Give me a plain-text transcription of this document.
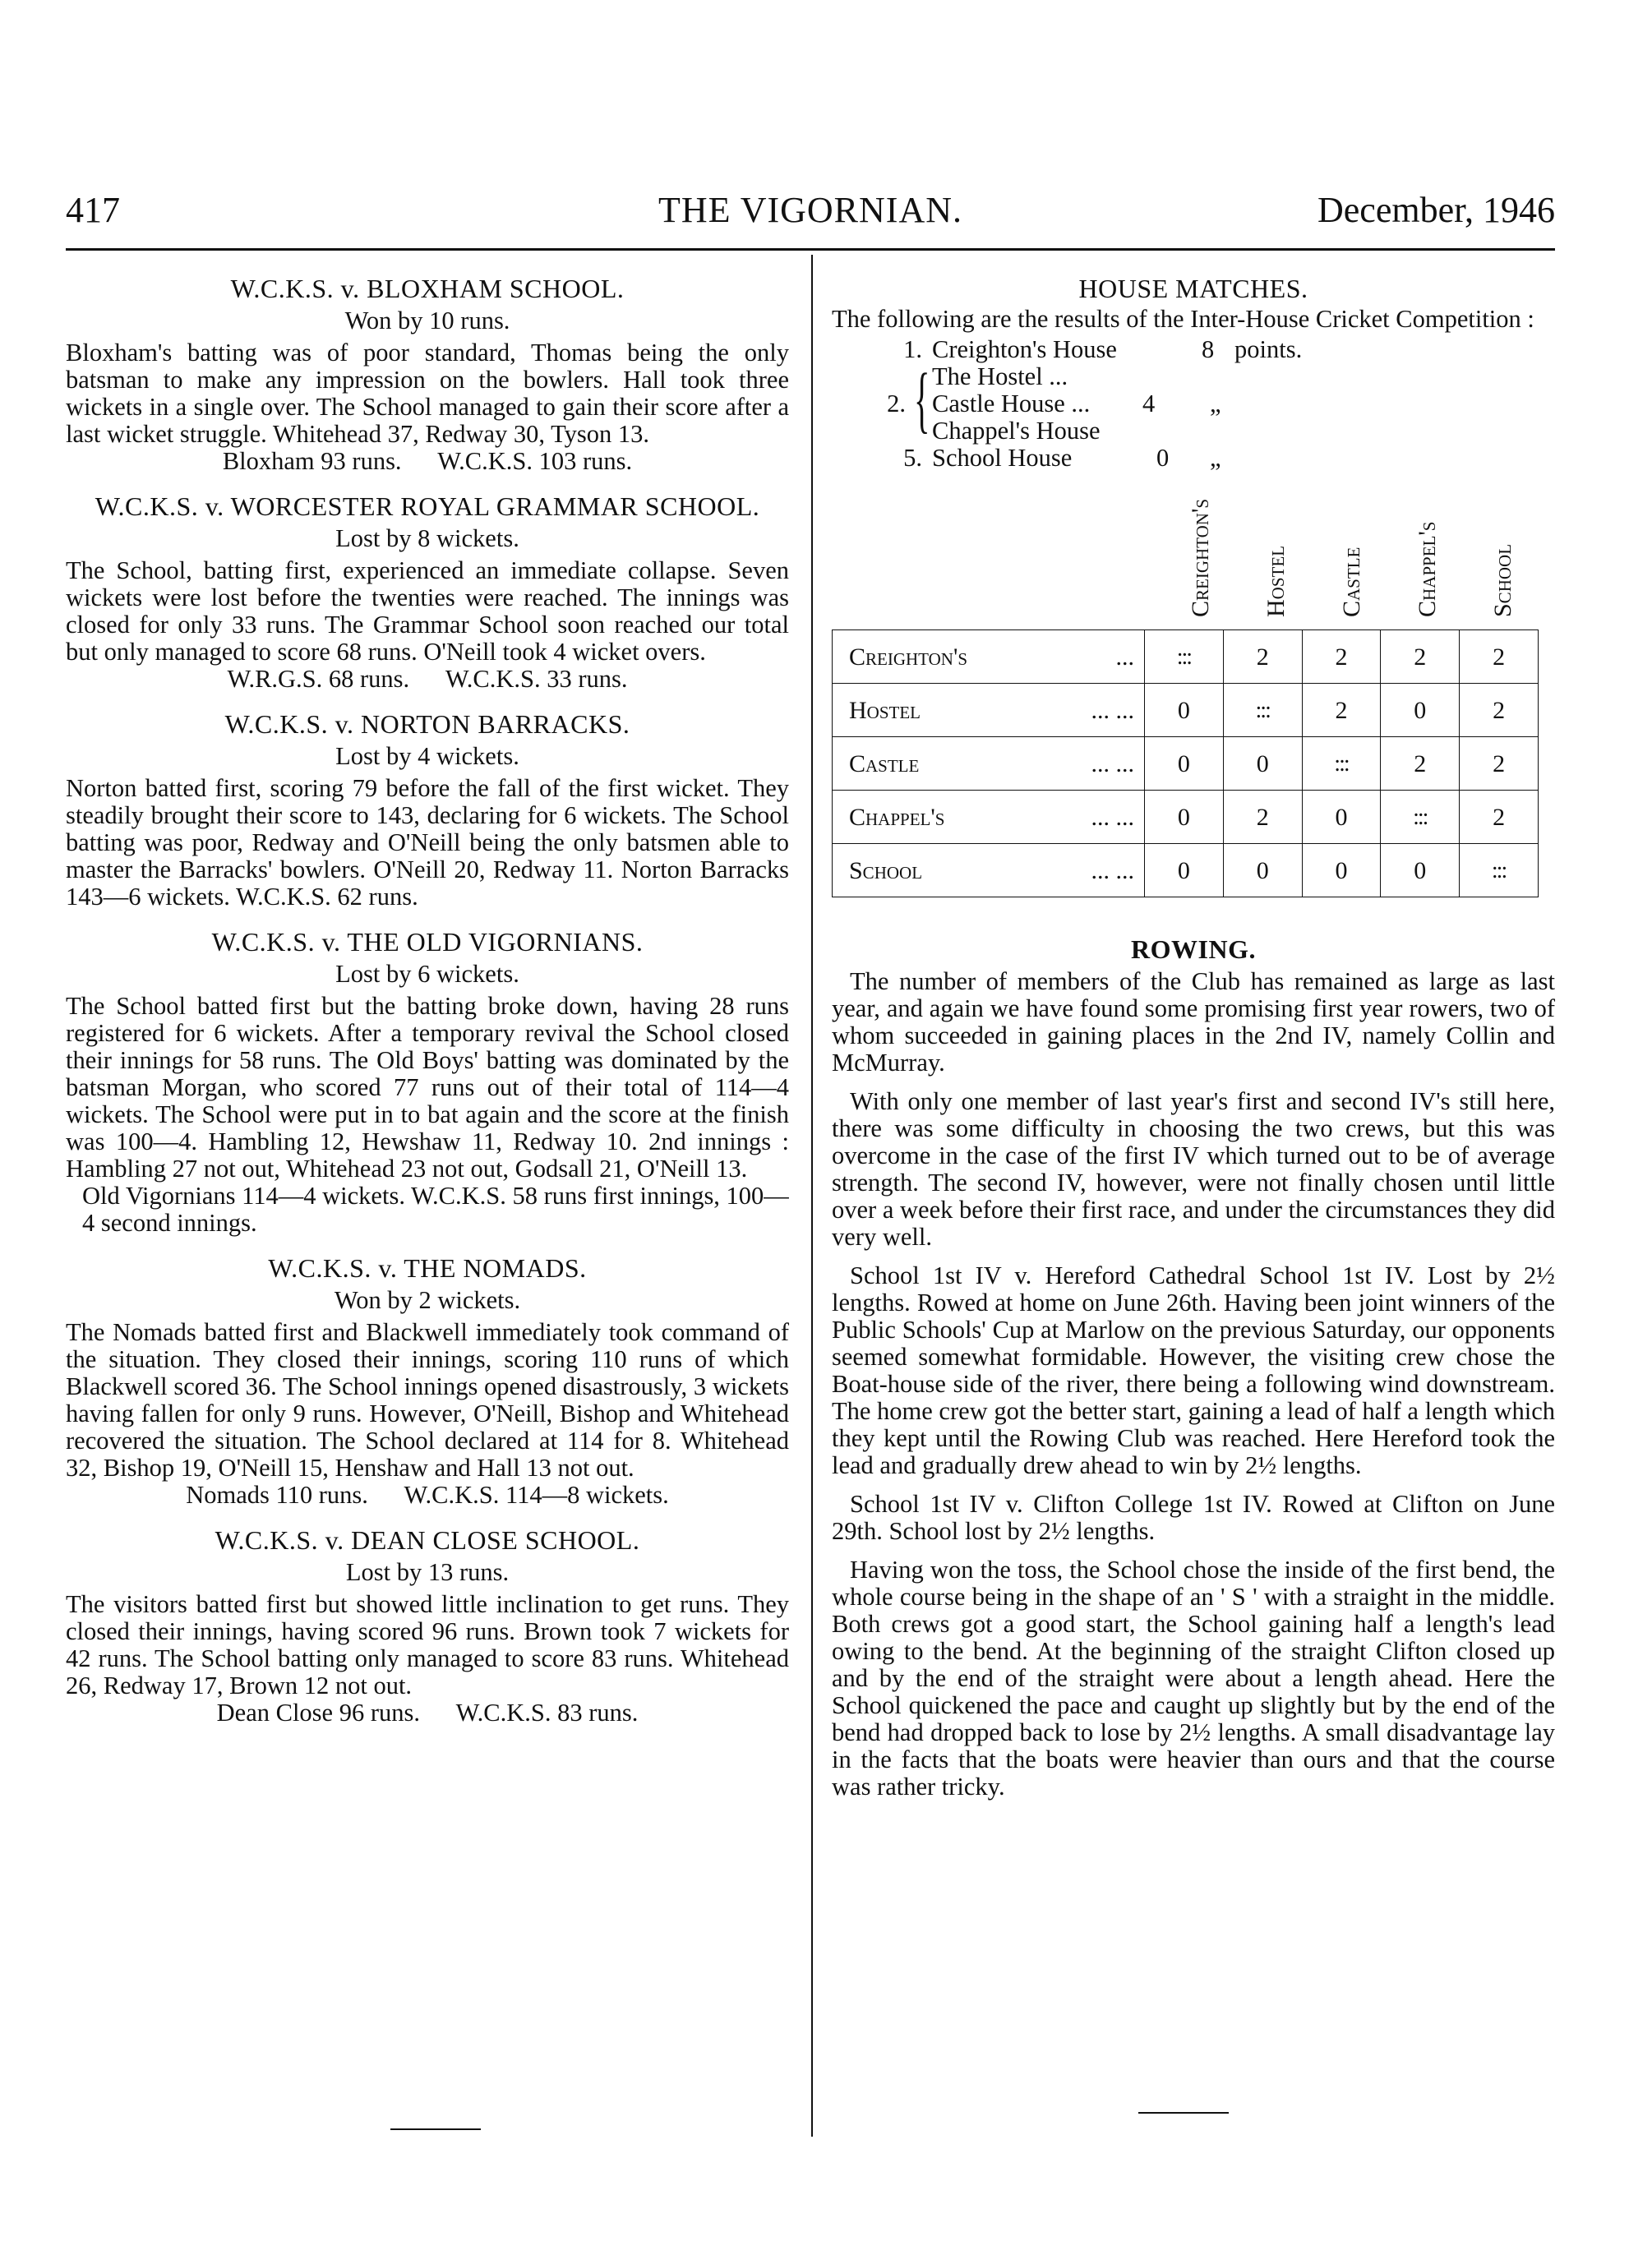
417	THE VIGORNIAN.	December, 1946

W.C.K.S. v. BLOXHAM SCHOOL.

Won by 10 runs.

Bloxham's batting was of poor standard, Thomas being the only batsman to make any impression on the bowlers. Hall took three wickets in a single over. The School managed to gain their score after a last wicket struggle. Whitehead 37, Redway 30, Tyson 13.

Bloxham 93 runs. W.C.K.S. 103 runs.

W.C.K.S. v. WORCESTER ROYAL GRAMMAR SCHOOL.

Lost by 8 wickets.

The School, batting first, experienced an immediate collapse. Seven wickets were lost before the twenties were reached. The innings was closed for only 33 runs. The Grammar School soon reached our total but only managed to score 68 runs. O'Neill took 4 wicket overs.

W.R.G.S. 68 runs. W.C.K.S. 33 runs.

W.C.K.S. v. NORTON BARRACKS.

Lost by 4 wickets.

Norton batted first, scoring 79 before the fall of the first wicket. They steadily brought their score to 143, declaring for 6 wickets. The School batting was poor, Redway and O'Neill being the only batsmen able to master the Barracks' bowlers. O'Neill 20, Redway 11. Norton Barracks 143—6 wickets. W.C.K.S. 62 runs.

W.C.K.S. v. THE OLD VIGORNIANS.

Lost by 6 wickets.

The School batted first but the batting broke down, having 28 runs registered for 6 wickets. After a temporary revival the School closed their innings for 58 runs. The Old Boys' batting was dominated by the batsman Morgan, who scored 77 runs out of their total of 114—4 wickets. The School were put in to bat again and the score at the finish was 100—4. Hambling 12, Hewshaw 11, Redway 10. 2nd innings : Hambling 27 not out, Whitehead 23 not out, Godsall 21, O'Neill 13.

Old Vigornians 114—4 wickets. W.C.K.S. 58 runs first innings, 100—4 second innings.

W.C.K.S. v. THE NOMADS.

Won by 2 wickets.

The Nomads batted first and Blackwell immediately took command of the situation. They closed their innings, scoring 110 runs of which Blackwell scored 36. The School innings opened disastrously, 3 wickets having fallen for only 9 runs. However, O'Neill, Bishop and Whitehead recovered the situation. The School declared at 114 for 8. Whitehead 32, Bishop 19, O'Neill 15, Henshaw and Hall 13 not out.

Nomads 110 runs. W.C.K.S. 114—8 wickets.

W.C.K.S. v. DEAN CLOSE SCHOOL.

Lost by 13 runs.

The visitors batted first but showed little inclination to get runs. They closed their innings, having scored 96 runs. Brown took 7 wickets for 42 runs. The School batting only managed to score 83 runs. Whitehead 26, Redway 17, Brown 12 not out.

Dean Close 96 runs. W.C.K.S. 83 runs.

HOUSE MATCHES.

The following are the results of the Inter-House Cricket Competition :

1. Creighton's House	8 points.
{ The Hostel ...
2. Castle House ... 4 „
Chappel's House
5. School House	0 „
Creighton's Hostel Castle Chappel's School
Creighton's ...	:::	2	2	2	2
Hostel ... ...	0	:::	2	0	2
Castle ... ...	0	0	:::	2	2
Chappel's ... ...	0	2	0	:::	2
School ... ...	0	0	0	0	:::

ROWING.

The number of members of the Club has remained as large as last year, and again we have found some promising first year rowers, two of whom succeeded in gaining places in the 2nd IV, namely Collin and McMurray.

With only one member of last year's first and second IV's still here, there was some difficulty in choosing the two crews, but this was overcome in the case of the first IV which turned out to be of average strength. The second IV, however, were not finally chosen until little over a week before their first race, and under the circumstances they did very well.

School 1st IV v. Hereford Cathedral School 1st IV. Lost by 2½ lengths. Rowed at home on June 26th. Having been joint winners of the Public Schools' Cup at Marlow on the previous Saturday, our opponents seemed somewhat formidable. However, the visiting crew chose the Boat-house side of the river, there being a following wind downstream. The home crew got the better start, gaining a lead of half a length which they kept until the Rowing Club was reached. Here Hereford took the lead and gradually drew ahead to win by 2½ lengths.

School 1st IV v. Clifton College 1st IV. Rowed at Clifton on June 29th. School lost by 2½ lengths.

Having won the toss, the School chose the inside of the first bend, the whole course being in the shape of an ' S ' with a straight in the middle. Both crews got a good start, the School gaining half a length's lead owing to the bend. At the beginning of the straight Clifton closed up and by the end of the straight were about a length ahead. Here the School quickened the pace and caught up slightly but by the end of the bend had dropped back to lose by 2½ lengths. A small disadvantage lay in the facts that the boats were heavier than ours and that the course was rather tricky.
